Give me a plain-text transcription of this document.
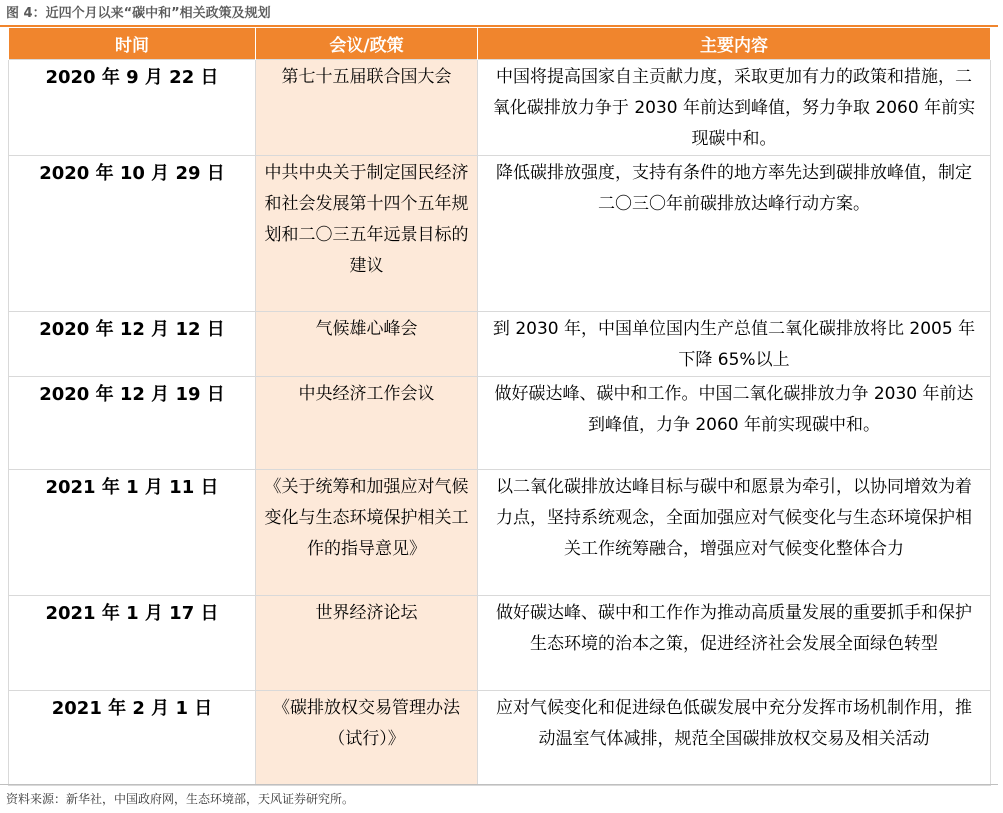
图 4：近四个月以来“碳中和”相关政策及规划
时间	会议/政策	主要内容
2020 年 9 月 22 日	第七十五届联合国大会	中国将提高国家自主贡献力度，采取更加有力的政策和措施，二氧化碳排放力争于 2030 年前达到峰值，努力争取 2060 年前实现碳中和。
2020 年 10 月 29 日	中共中央关于制定国民经济和社会发展第十四个五年规划和二〇三五年远景目标的建议	降低碳排放强度，支持有条件的地方率先达到碳排放峰值，制定二〇三〇年前碳排放达峰行动方案。
2020 年 12 月 12 日	气候雄心峰会	到 2030 年，中国单位国内生产总值二氧化碳排放将比 2005 年下降 65%以上
2020 年 12 月 19 日	中央经济工作会议	做好碳达峰、碳中和工作。中国二氧化碳排放力争 2030 年前达到峰值，力争 2060 年前实现碳中和。
2021 年 1 月 11 日	《关于统筹和加强应对气候变化与生态环境保护相关工作的指导意见》	以二氧化碳排放达峰目标与碳中和愿景为牵引，以协同增效为着力点，坚持系统观念，全面加强应对气候变化与生态环境保护相关工作统筹融合，增强应对气候变化整体合力
2021 年 1 月 17 日	世界经济论坛	做好碳达峰、碳中和工作作为推动高质量发展的重要抓手和保护生态环境的治本之策，促进经济社会发展全面绿色转型
2021 年 2 月 1 日	《碳排放权交易管理办法（试行）》	应对气候变化和促进绿色低碳发展中充分发挥市场机制作用，推动温室气体减排，规范全国碳排放权交易及相关活动
资料来源：新华社，中国政府网，生态环境部，天风证券研究所。
